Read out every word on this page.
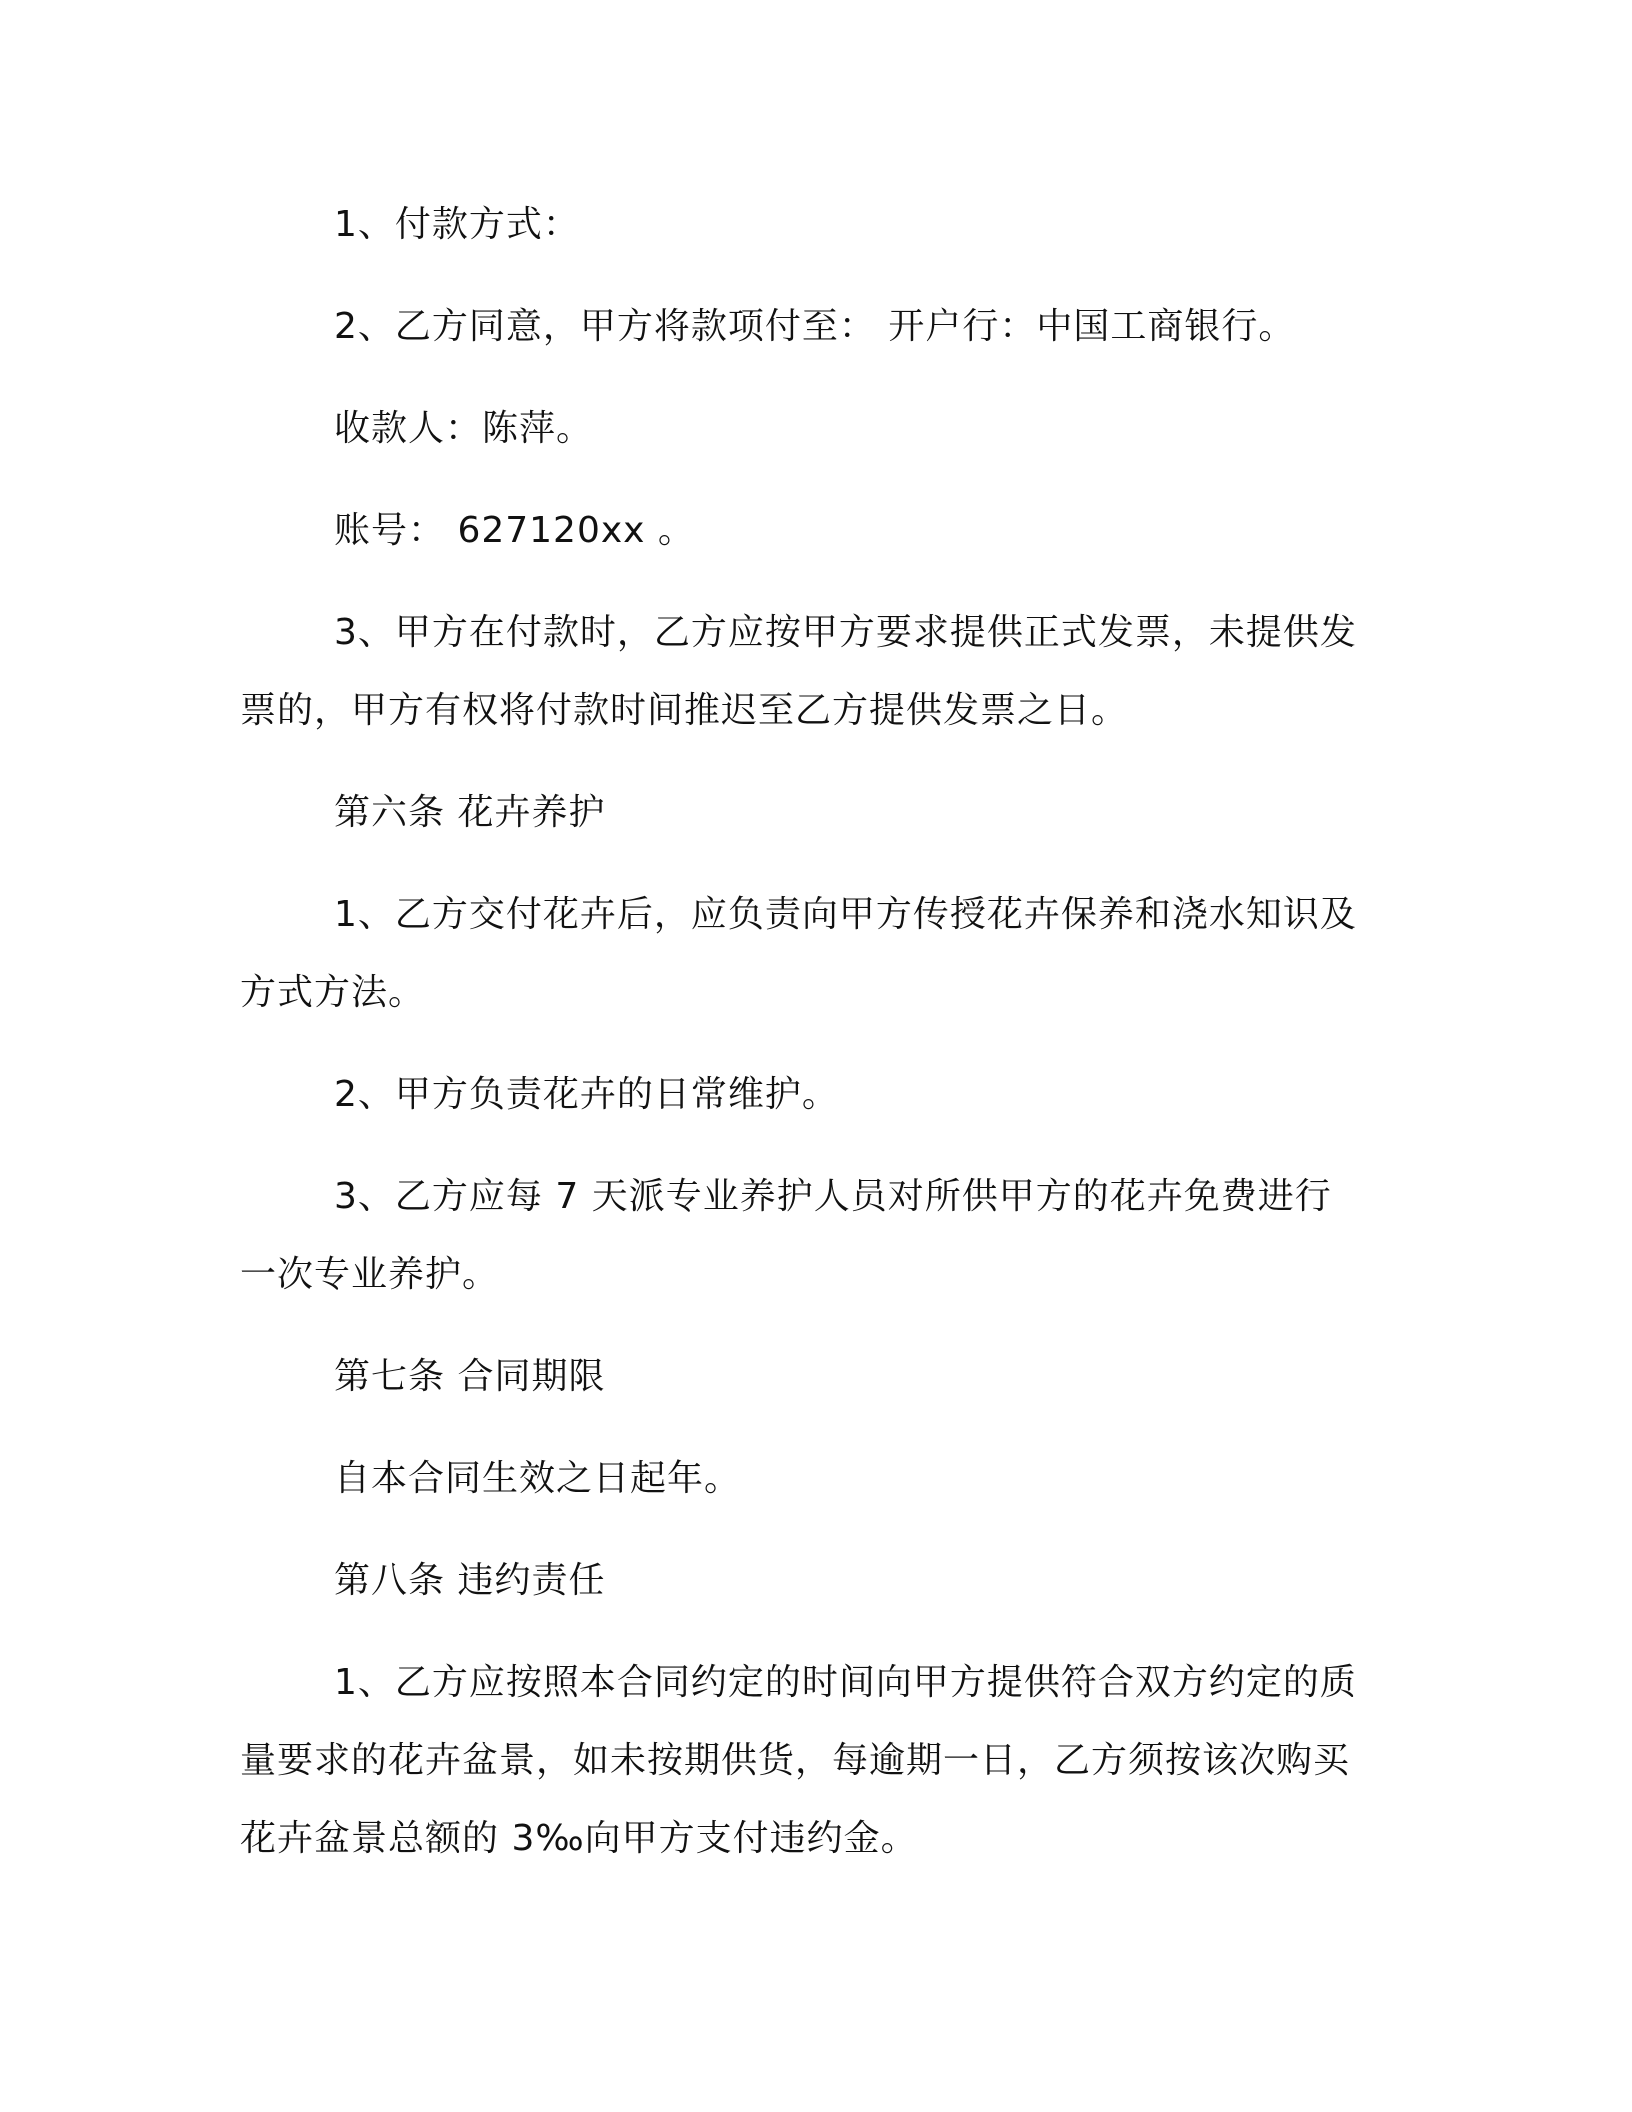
1、付款方式：

2、乙方同意，甲方将款项付至： 开户行：中国工商银行。

收款人：陈萍。

账号： 627120xx 。

3、甲方在付款时，乙方应按甲方要求提供正式发票，未提供发票的，甲方有权将付款时间推迟至乙方提供发票之日。

第六条 花卉养护

1、乙方交付花卉后，应负责向甲方传授花卉保养和浇水知识及方式方法。

2、甲方负责花卉的日常维护。

3、乙方应每 7 天派专业养护人员对所供甲方的花卉免费进行一次专业养护。

第七条 合同期限

自本合同生效之日起年。

第八条 违约责任

1、乙方应按照本合同约定的时间向甲方提供符合双方约定的质量要求的花卉盆景，如未按期供货，每逾期一日，乙方须按该次购买花卉盆景总额的 3‰向甲方支付违约金。
